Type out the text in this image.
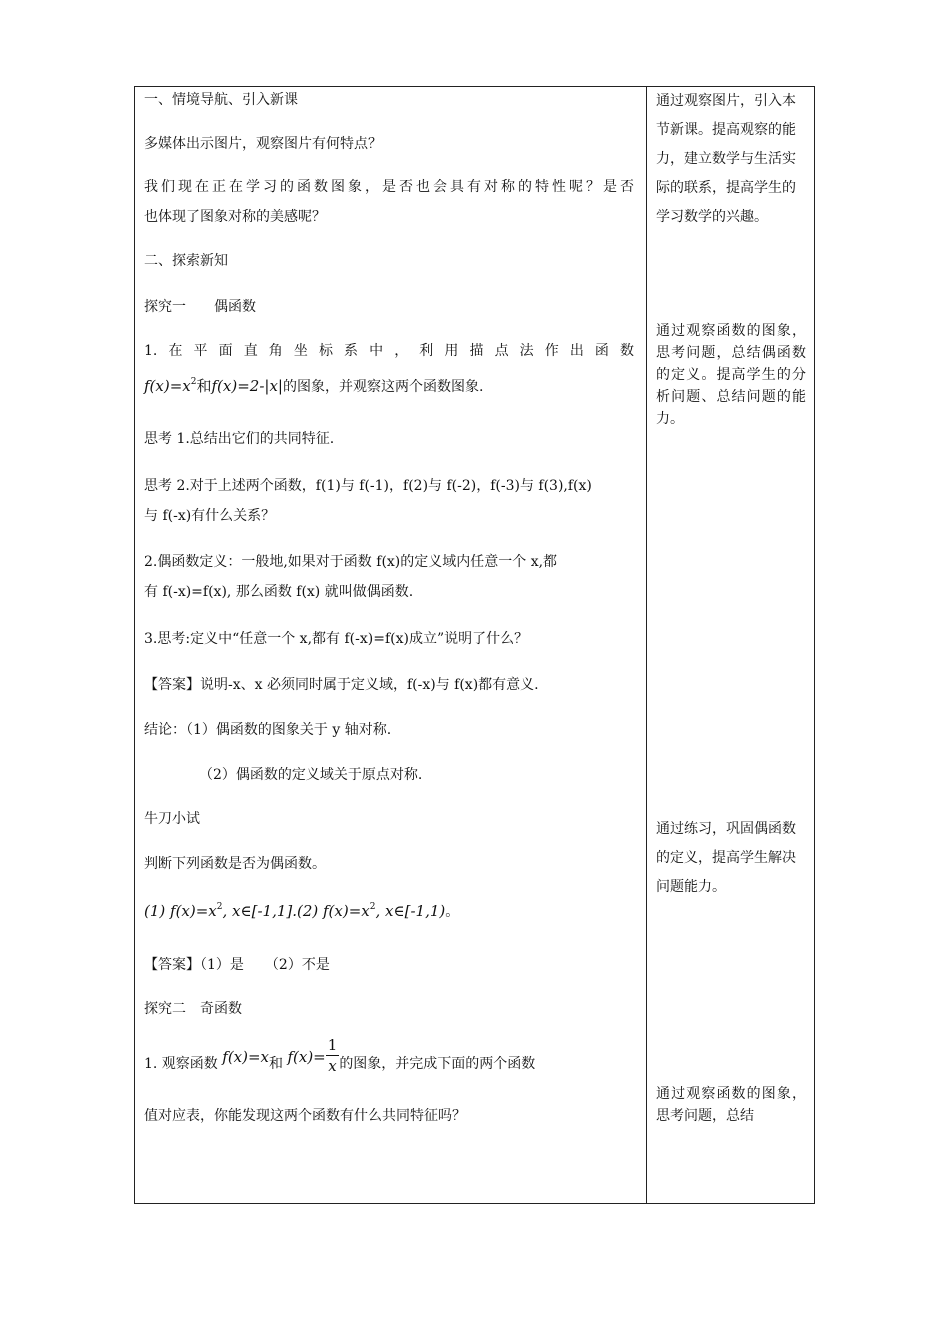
一、情境导航、引入新课
多媒体出示图片，观察图片有何特点？
我们现在正在学习的函数图象，是否也会具有对称的特性呢？是否
也体现了图象对称的美感呢？
二、探索新知
探究一　　偶函数
1.在平面直角坐标系中，利用描点法作出函数
$f(x)=x^2$和f(x)=2-|x|的图象，并观察这两个函数图象.
思考 1.总结出它们的共同特征.
思考 2.对于上述两个函数，f(1)与 f(-1)，f(2)与 f(-2)，f(-3)与 f(3),f(x)
与 f(-x)有什么关系？
2.偶函数定义：一般地,如果对于函数 f(x)的定义域内任意一个 x,都
有 f(-x)=f(x), 那么函数 f(x) 就叫做偶函数.
3.思考:定义中“任意一个 x,都有 f(-x)=f(x)成立”说明了什么？
【答案】说明-x、x 必须同时属于定义域，f(-x)与 f(x)都有意义.
结论：（1）偶函数的图象关于 y 轴对称.
（2）偶函数的定义域关于原点对称.
牛刀小试
判断下列函数是否为偶函数。
(1) $f(x)=x^2$, x∈[-1,1].(2) $f(x)=x^2$, x∈[-1,1)。
【答案】（1）是　　（2）不是
探究二　奇函数
1. 观察函数 f(x)=x和 $f(x)= \frac{1}{x}$ 的图象，并完成下面的两个函数
值对应表，你能发现这两个函数有什么共同特征吗？
通过观察图片，引入本节新课。提高观察的能力，建立数学与生活实际的联系，提高学生的学习数学的兴趣。
通过观察函数的图象，思考问题，总结偶函数的定义。提高学生的分析问题、总结问题的能力。
通过练习，巩固偶函数的定义，提高学生解决问题能力。
通过观察函数的图象，思考问题，总结
